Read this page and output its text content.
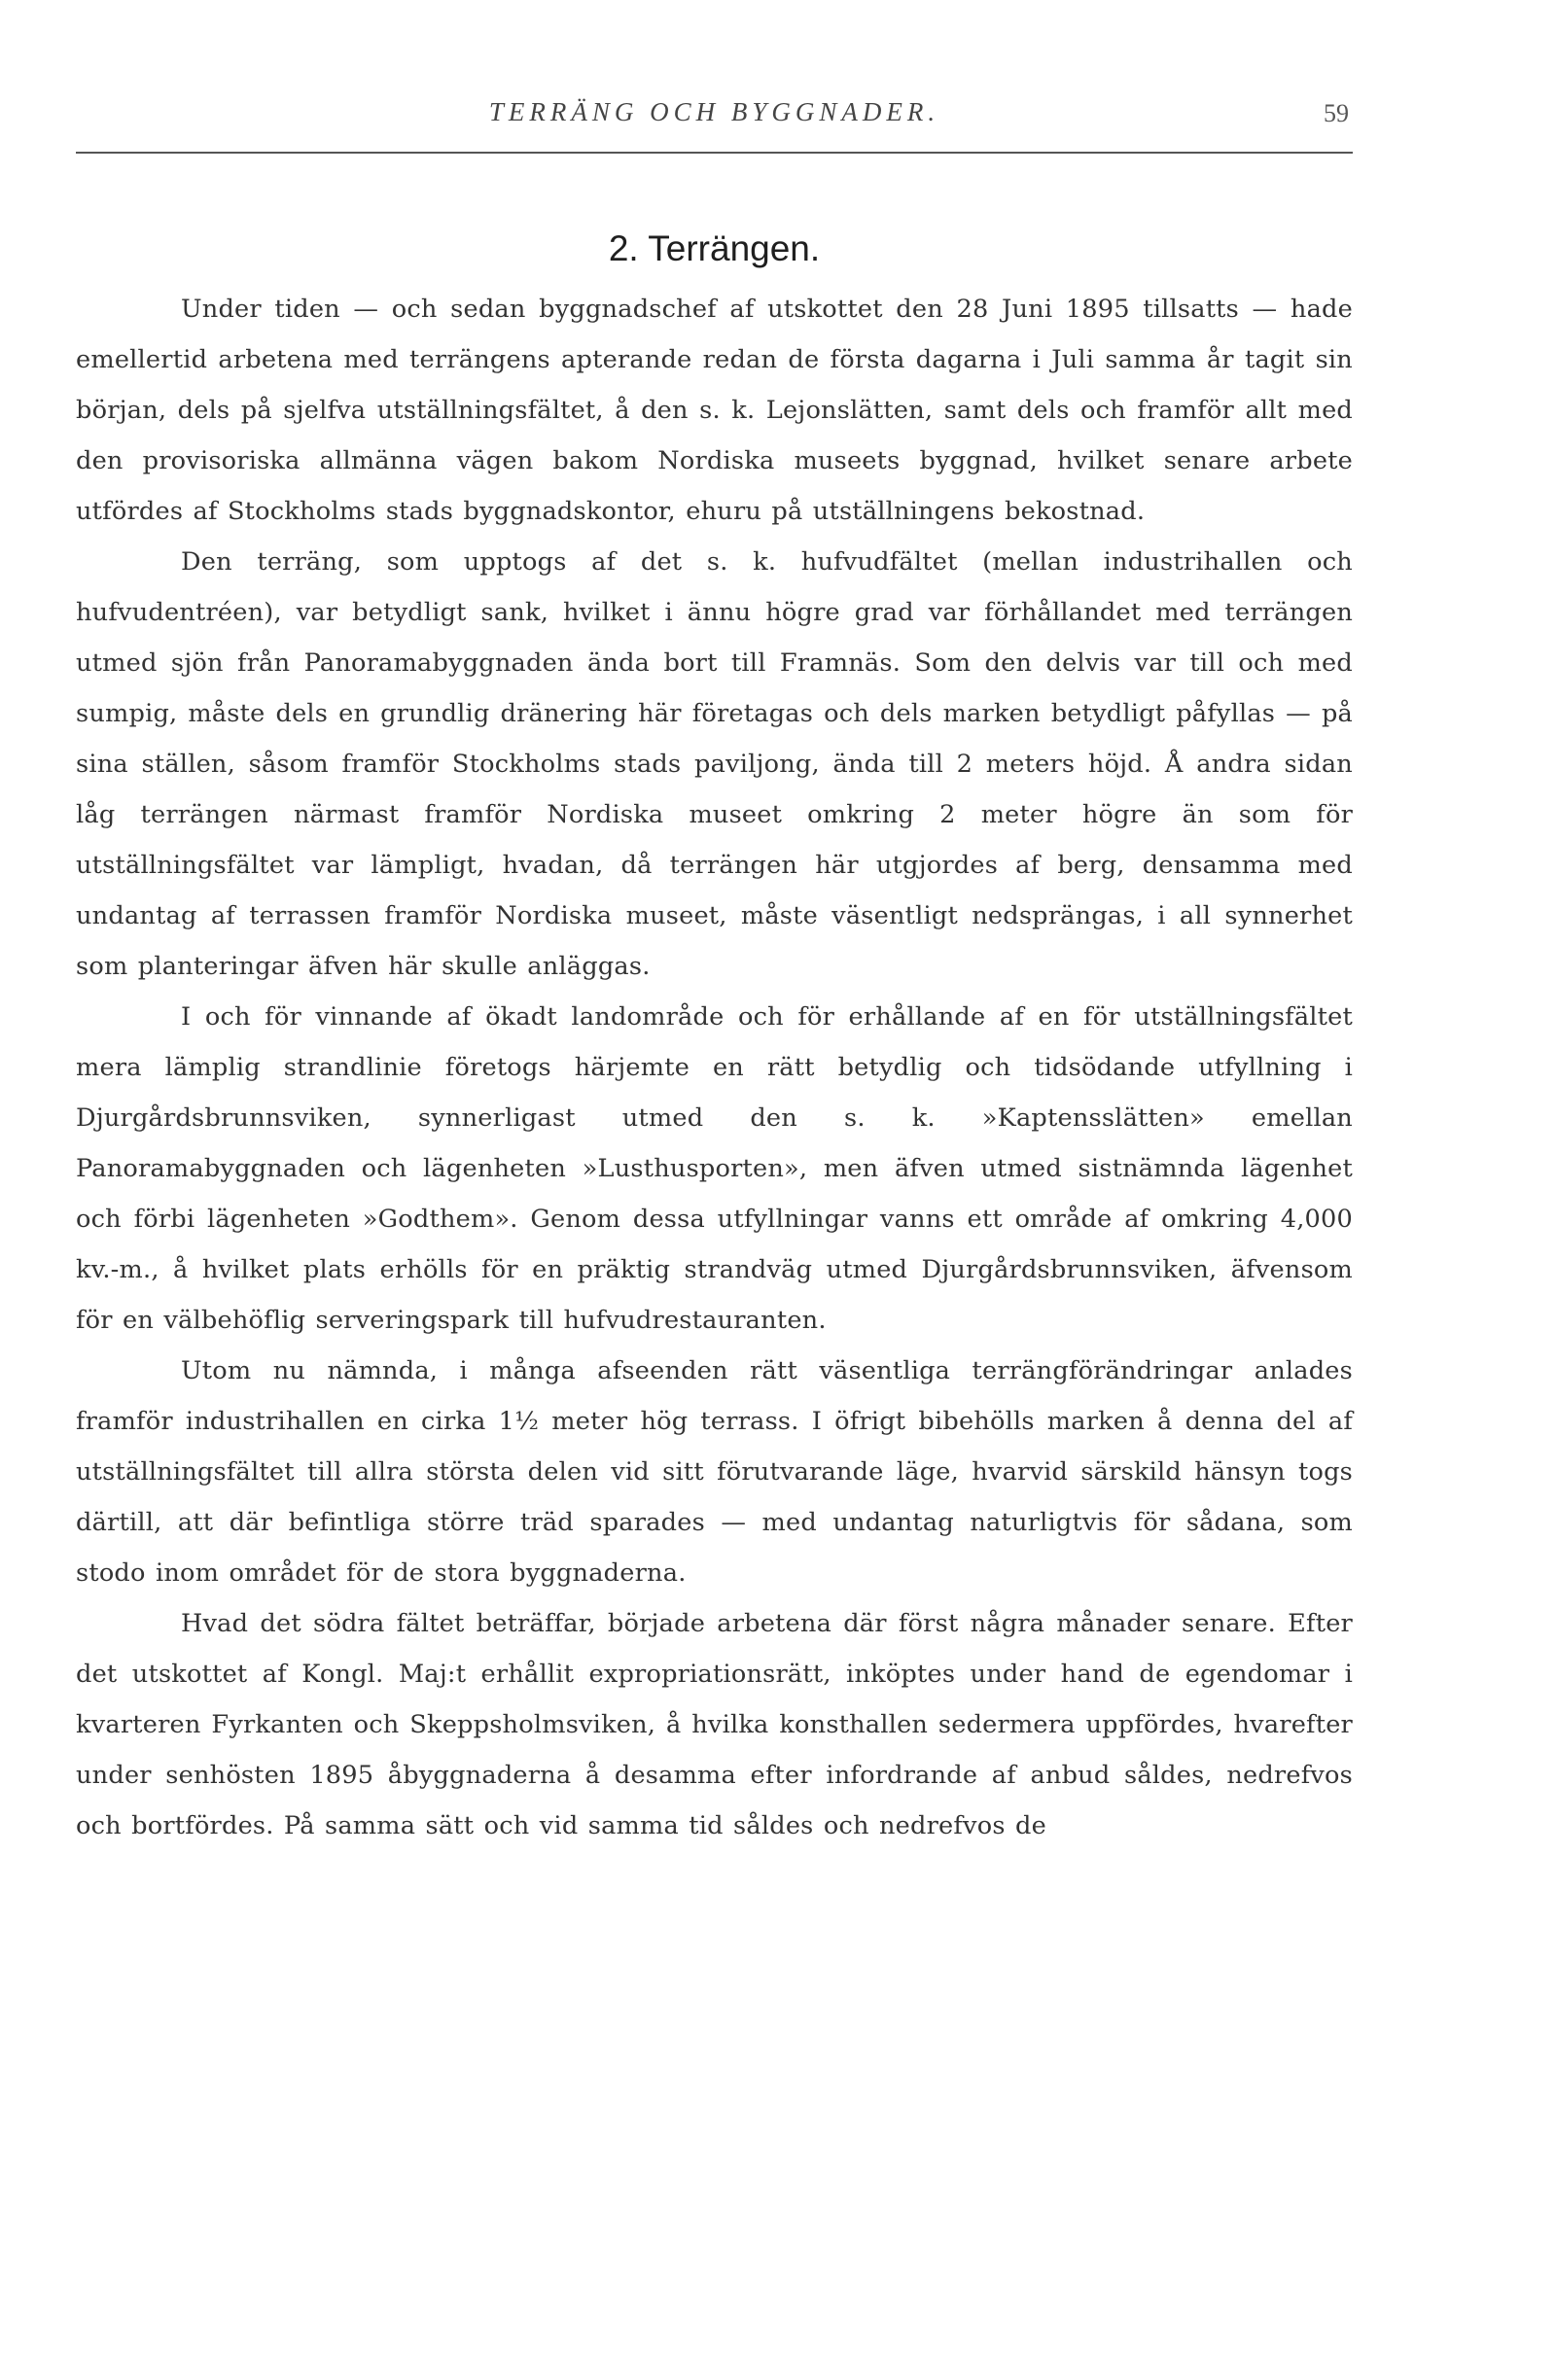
TERRÄNG OCH BYGGNADER.	59
2. Terrängen.

Under tiden — och sedan byggnadschef af utskottet den 28 Juni 1895 tillsatts — hade emellertid arbetena med terrängens apterande redan de första dagarna i Juli samma år tagit sin början, dels på sjelfva utställningsfältet, å den s. k. Lejonslätten, samt dels och framför allt med den provisoriska allmänna vägen bakom Nordiska museets byggnad, hvilket senare arbete utfördes af Stockholms stads byggnadskontor, ehuru på utställningens bekostnad.

Den terräng, som upptogs af det s. k. hufvudfältet (mellan industrihallen och hufvudentréen), var betydligt sank, hvilket i ännu högre grad var förhållandet med terrängen utmed sjön från Panoramabyggnaden ända bort till Framnäs. Som den delvis var till och med sumpig, måste dels en grundlig dränering här företagas och dels marken betydligt påfyllas — på sina ställen, såsom framför Stockholms stads paviljong, ända till 2 meters höjd. Å andra sidan låg terrängen närmast framför Nordiska museet omkring 2 meter högre än som för utställningsfältet var lämpligt, hvadan, då terrängen här utgjordes af berg, densamma med undantag af terrassen framför Nordiska museet, måste väsentligt nedsprängas, i all synnerhet som planteringar äfven här skulle anläggas.

I och för vinnande af ökadt landområde och för erhållande af en för utställningsfältet mera lämplig strandlinie företogs härjemte en rätt betydlig och tidsödande utfyllning i Djurgårdsbrunnsviken, synnerligast utmed den s. k. »Kaptensslätten» emellan Panoramabyggnaden och lägenheten »Lusthusporten», men äfven utmed sistnämnda lägenhet och förbi lägenheten »Godthem». Genom dessa utfyllningar vanns ett område af omkring 4,000 kv.-m., å hvilket plats erhölls för en präktig strandväg utmed Djurgårdsbrunnsviken, äfvensom för en välbehöflig serveringspark till hufvudrestauranten.

Utom nu nämnda, i många afseenden rätt väsentliga terrängförändringar anlades framför industrihallen en cirka 1½ meter hög terrass. I öfrigt bibehölls marken å denna del af utställningsfältet till allra största delen vid sitt förutvarande läge, hvarvid särskild hänsyn togs därtill, att där befintliga större träd sparades — med undantag naturligtvis för sådana, som stodo inom området för de stora byggnaderna.

Hvad det södra fältet beträffar, började arbetena där först några månader senare. Efter det utskottet af Kongl. Maj:t erhållit expropriationsrätt, inköptes under hand de egendomar i kvarteren Fyrkanten och Skeppsholmsviken, å hvilka konsthallen sedermera uppfördes, hvarefter under senhösten 1895 åbyggnaderna å desamma efter infordrande af anbud såldes, nedrefvos och bortfördes. På samma sätt och vid samma tid såldes och nedrefvos de
